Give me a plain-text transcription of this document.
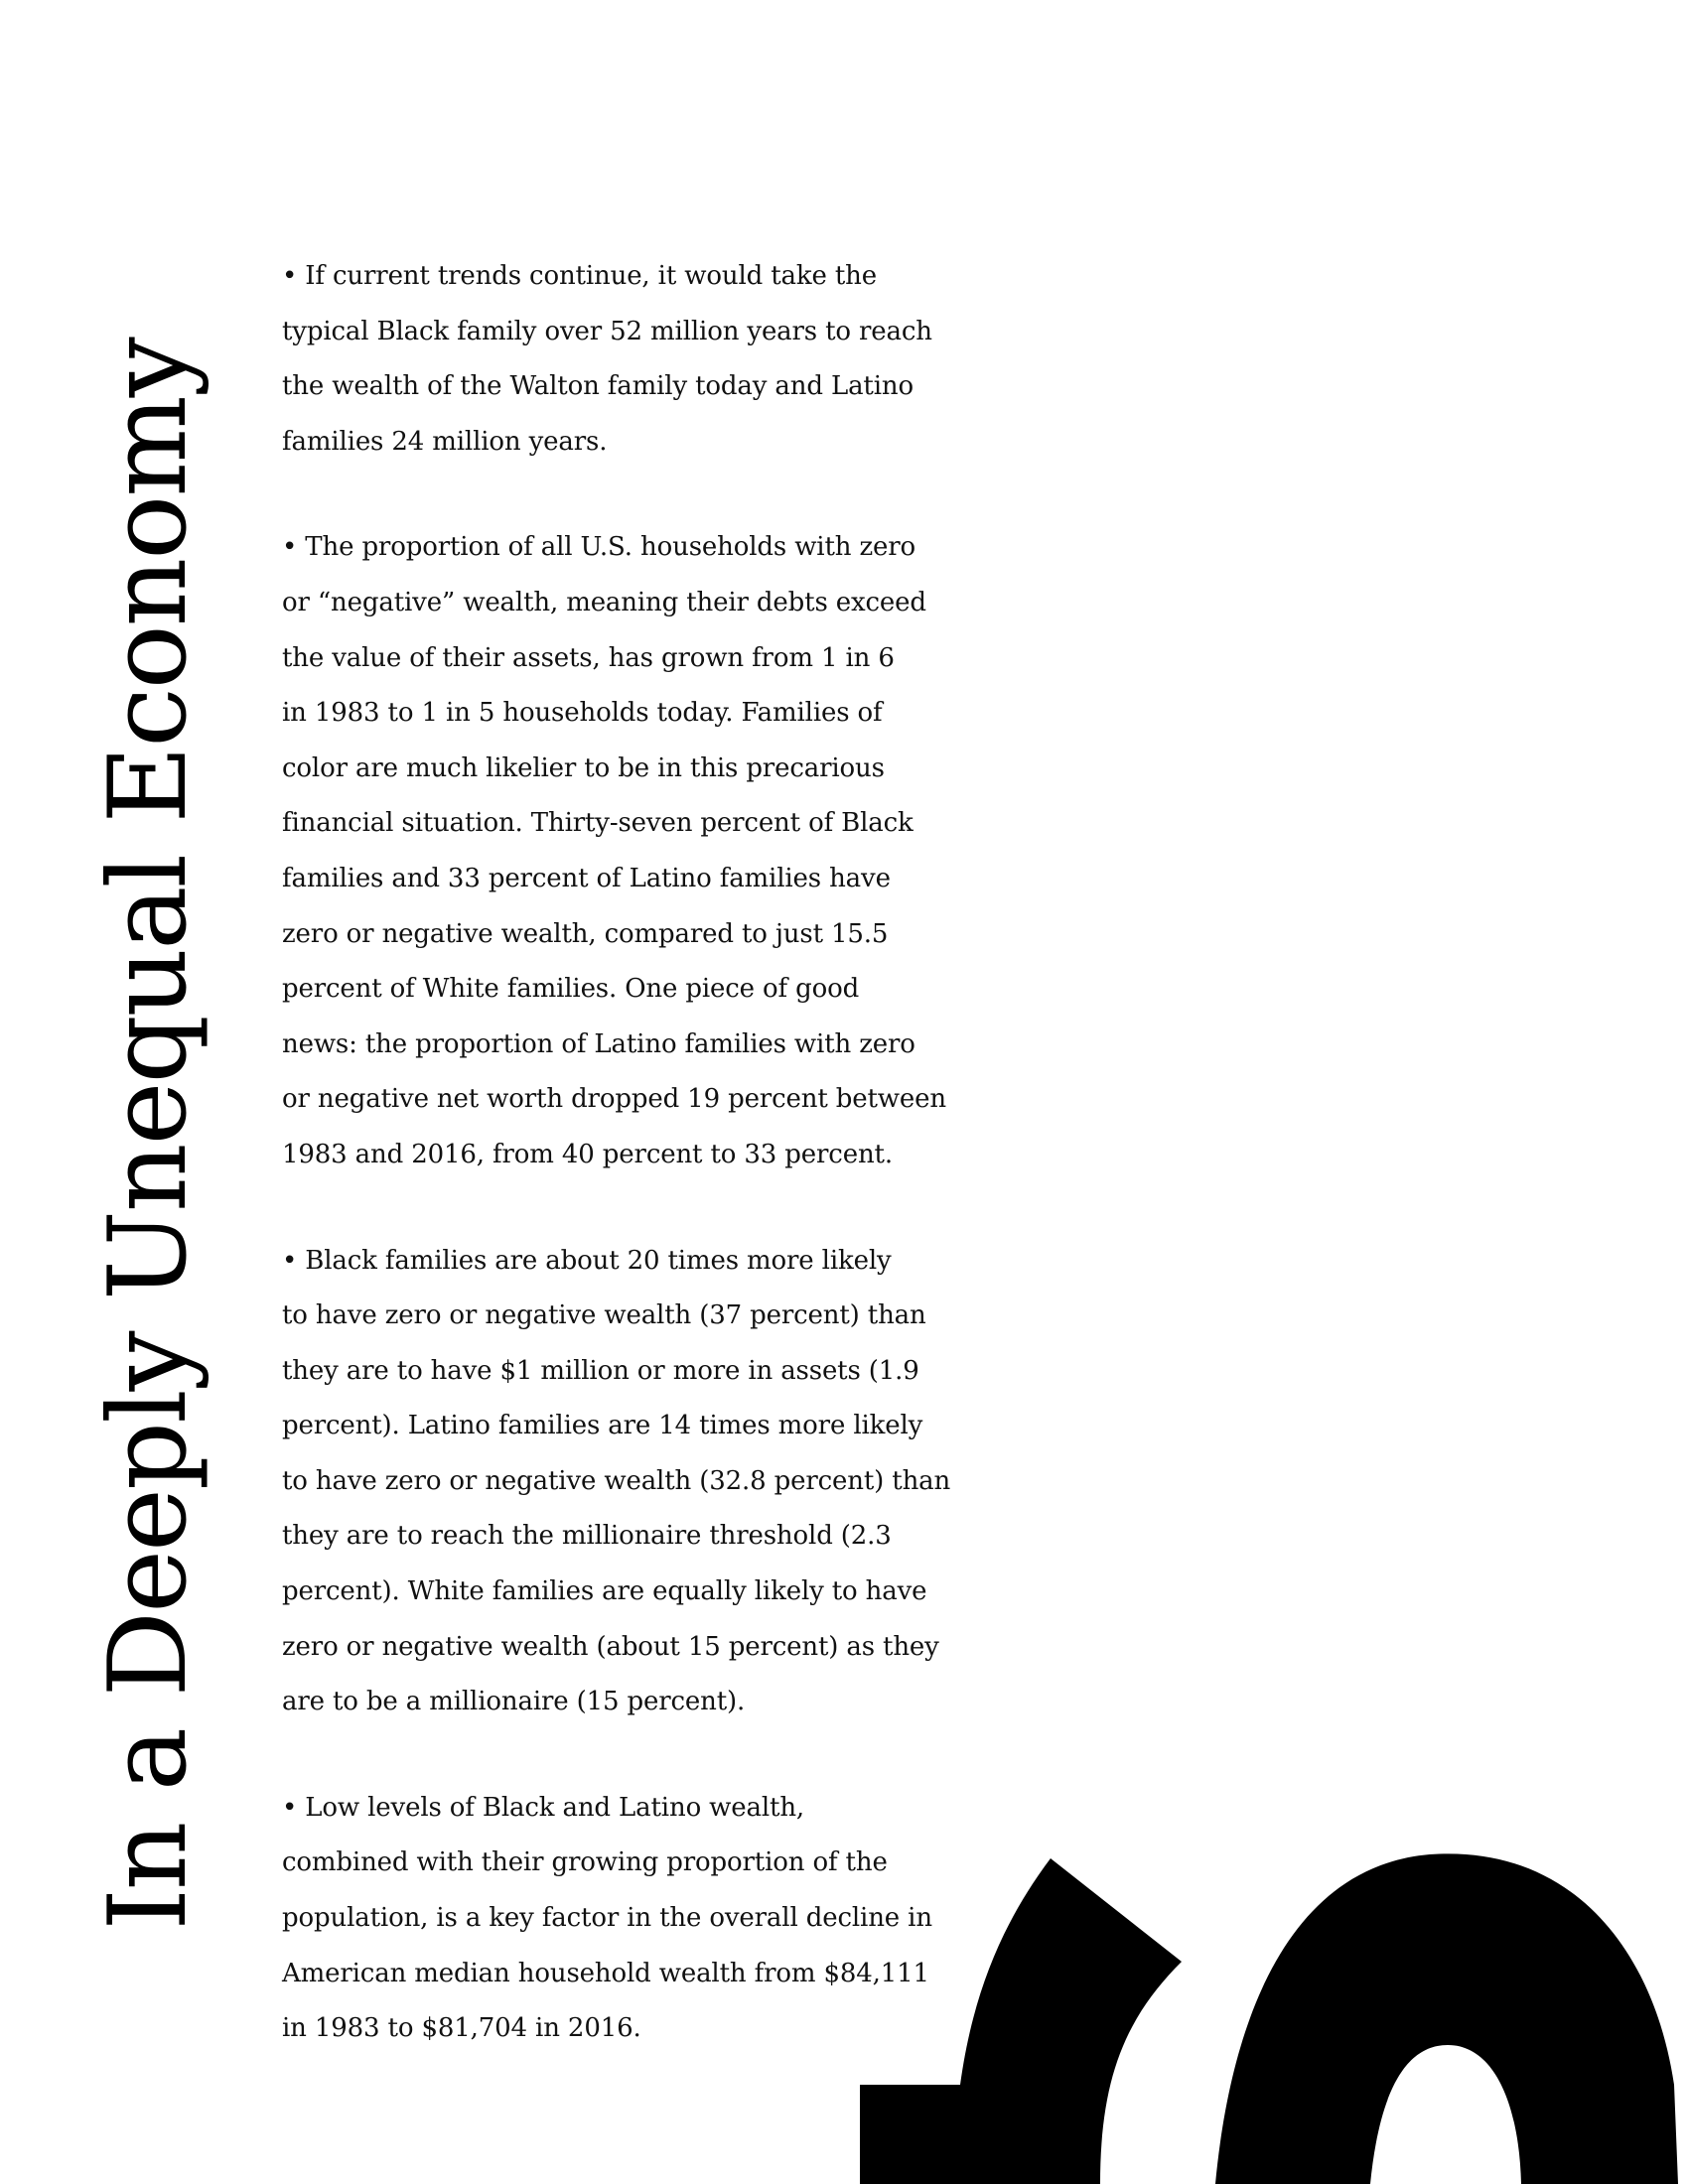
In a Deeply Unequal Economy
• If current trends continue, it would take the
typical Black family over 52 million years to reach
the wealth of the Walton family today and Latino
families 24 million years.
• The proportion of all U.S. households with zero
or “negative” wealth, meaning their debts exceed
the value of their assets, has grown from 1 in 6
in 1983 to 1 in 5 households today. Families of
color are much likelier to be in this precarious
financial situation. Thirty-seven percent of Black
families and 33 percent of Latino families have
zero or negative wealth, compared to just 15.5
percent of White families. One piece of good
news: the proportion of Latino families with zero
or negative net worth dropped 19 percent between
1983 and 2016, from 40 percent to 33 percent.
• Black families are about 20 times more likely
to have zero or negative wealth (37 percent) than
they are to have $1 million or more in assets (1.9
percent). Latino families are 14 times more likely
to have zero or negative wealth (32.8 percent) than
they are to reach the millionaire threshold (2.3
percent). White families are equally likely to have
zero or negative wealth (about 15 percent) as they
are to be a millionaire (15 percent).
• Low levels of Black and Latino wealth,
combined with their growing proportion of the
population, is a key factor in the overall decline in
American median household wealth from $84,111
in 1983 to $81,704 in 2016.
